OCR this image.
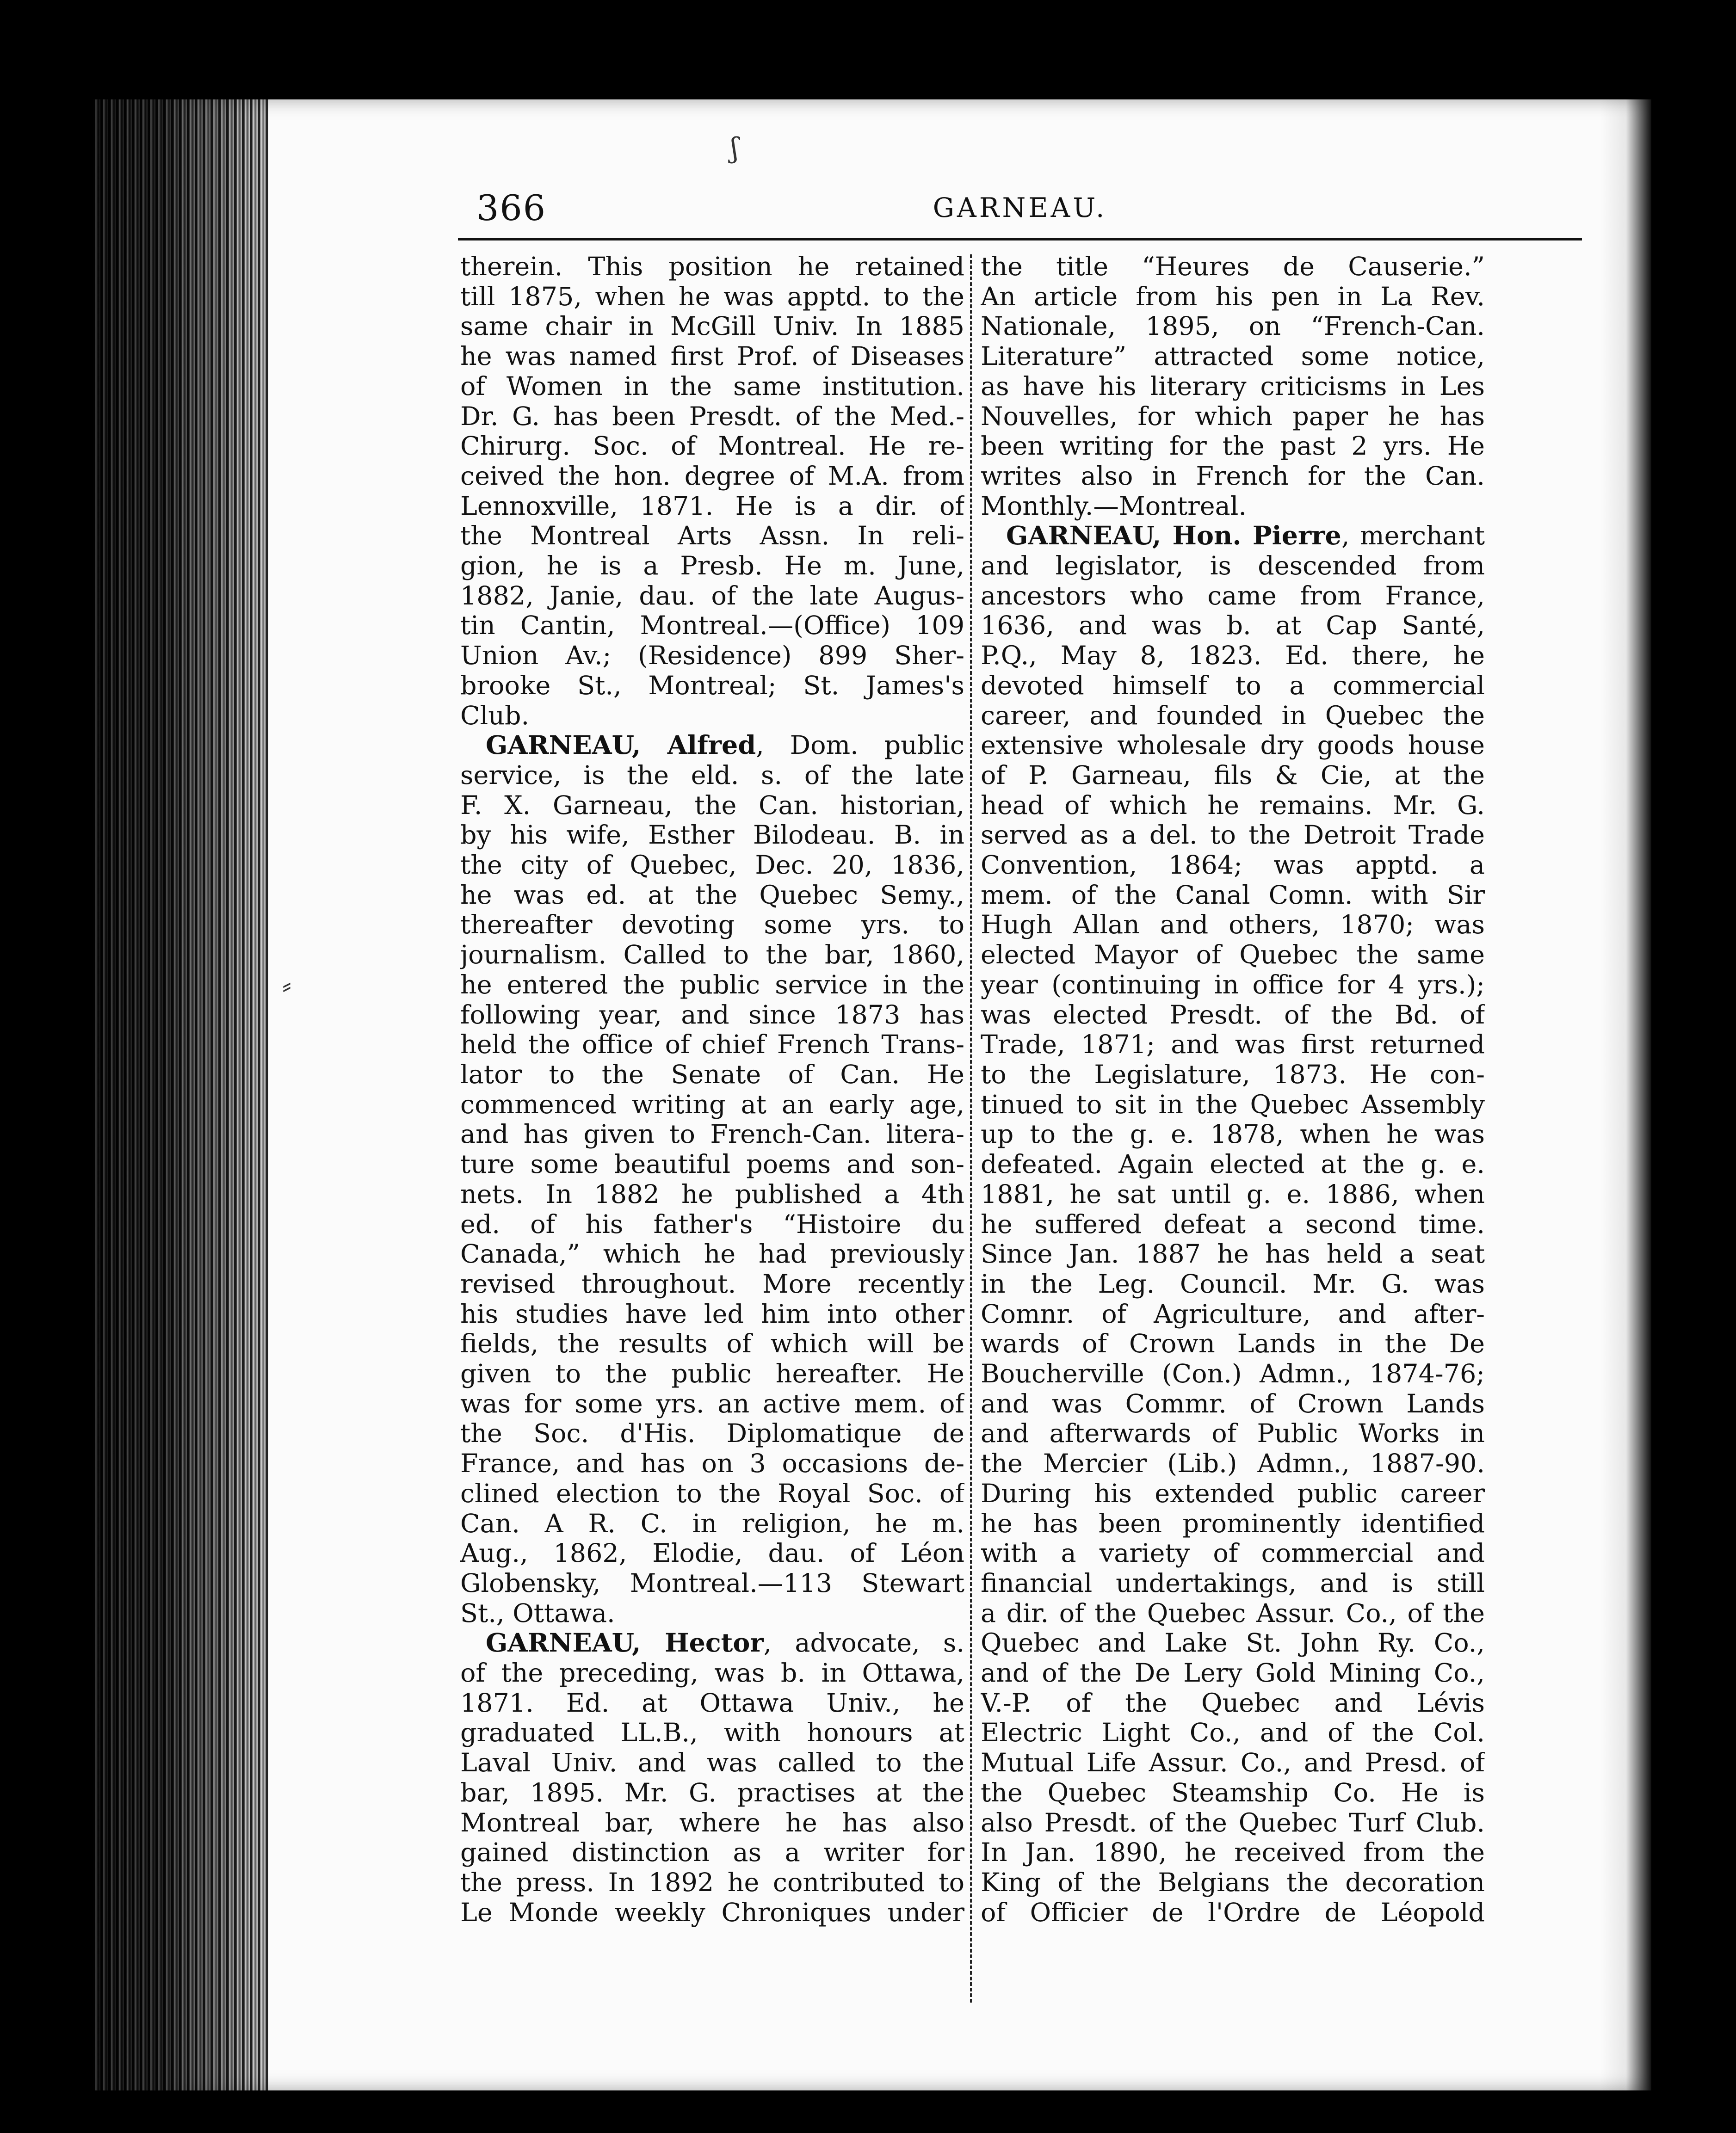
366	GARNEAU.
therein. This position he retained
till 1875, when he was apptd. to the
same chair in McGill Univ. In 1885
he was named first Prof. of Diseases
of Women in the same institution.
Dr. G. has been Presdt. of the Med.-
Chirurg. Soc. of Montreal. He re-
ceived the hon. degree of M.A. from
Lennoxville, 1871. He is a dir. of
the Montreal Arts Assn. In reli-
gion, he is a Presb. He m. June,
1882, Janie, dau. of the late Augus-
tin Cantin, Montreal.—(Office) 109
Union Av.; (Residence) 899 Sher-
brooke St., Montreal; St. James's
Club.
GARNEAU, Alfred, Dom. public
service, is the eld. s. of the late
F. X. Garneau, the Can. historian,
by his wife, Esther Bilodeau. B. in
the city of Quebec, Dec. 20, 1836,
he was ed. at the Quebec Semy.,
thereafter devoting some yrs. to
journalism. Called to the bar, 1860,
he entered the public service in the
following year, and since 1873 has
held the office of chief French Trans-
lator to the Senate of Can. He
commenced writing at an early age,
and has given to French-Can. litera-
ture some beautiful poems and son-
nets. In 1882 he published a 4th
ed. of his father's “Histoire du
Canada,” which he had previously
revised throughout. More recently
his studies have led him into other
fields, the results of which will be
given to the public hereafter. He
was for some yrs. an active mem. of
the Soc. d'His. Diplomatique de
France, and has on 3 occasions de-
clined election to the Royal Soc. of
Can. A R. C. in religion, he m.
Aug., 1862, Elodie, dau. of Léon
Globensky, Montreal.—113 Stewart
St., Ottawa.
GARNEAU, Hector, advocate, s.
of the preceding, was b. in Ottawa,
1871. Ed. at Ottawa Univ., he
graduated LL.B., with honours at
Laval Univ. and was called to the
bar, 1895. Mr. G. practises at the
Montreal bar, where he has also
gained distinction as a writer for
the press. In 1892 he contributed to
Le Monde weekly Chroniques under
the title “Heures de Causerie.”
An article from his pen in La Rev.
Nationale, 1895, on “French-Can.
Literature” attracted some notice,
as have his literary criticisms in Les
Nouvelles, for which paper he has
been writing for the past 2 yrs. He
writes also in French for the Can.
Monthly.—Montreal.
GARNEAU, Hon. Pierre, merchant
and legislator, is descended from
ancestors who came from France,
1636, and was b. at Cap Santé,
P.Q., May 8, 1823. Ed. there, he
devoted himself to a commercial
career, and founded in Quebec the
extensive wholesale dry goods house
of P. Garneau, fils & Cie, at the
head of which he remains. Mr. G.
served as a del. to the Detroit Trade
Convention, 1864; was apptd. a
mem. of the Canal Comn. with Sir
Hugh Allan and others, 1870; was
elected Mayor of Quebec the same
year (continuing in office for 4 yrs.);
was elected Presdt. of the Bd. of
Trade, 1871; and was first returned
to the Legislature, 1873. He con-
tinued to sit in the Quebec Assembly
up to the g. e. 1878, when he was
defeated. Again elected at the g. e.
1881, he sat until g. e. 1886, when
he suffered defeat a second time.
Since Jan. 1887 he has held a seat
in the Leg. Council. Mr. G. was
Comnr. of Agriculture, and after-
wards of Crown Lands in the De
Boucherville (Con.) Admn., 1874-76;
and was Commr. of Crown Lands
and afterwards of Public Works in
the Mercier (Lib.) Admn., 1887-90.
During his extended public career
he has been prominently identified
with a variety of commercial and
financial undertakings, and is still
a dir. of the Quebec Assur. Co., of the
Quebec and Lake St. John Ry. Co.,
and of the De Lery Gold Mining Co.,
V.-P. of the Quebec and Lévis
Electric Light Co., and of the Col.
Mutual Life Assur. Co., and Presd. of
the Quebec Steamship Co. He is
also Presdt. of the Quebec Turf Club.
In Jan. 1890, he received from the
King of the Belgians the decoration
of Officier de l'Ordre de Léopold
ʃ
⸗
